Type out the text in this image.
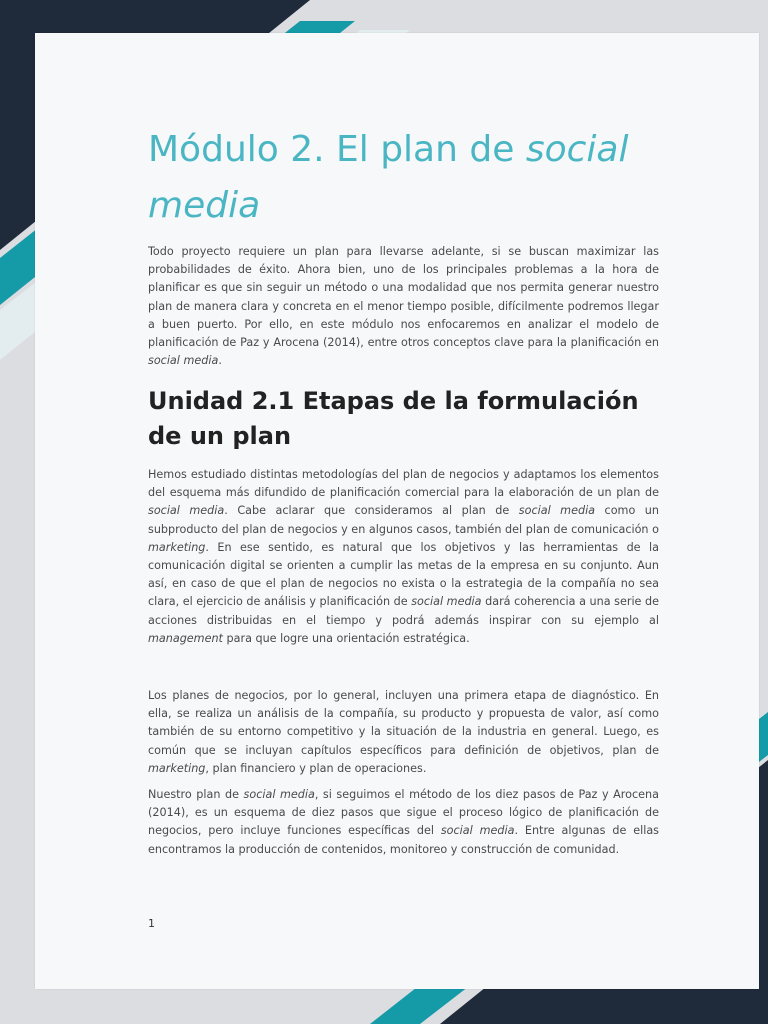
Módulo 2. El plan de social
media

Todo proyecto requiere un plan para llevarse adelante, si se buscan maximizar las probabilidades de éxito. Ahora bien, uno de los principales problemas a la hora de planificar es que sin seguir un método o una modalidad que nos permita generar nuestro plan de manera clara y concreta en el menor tiempo posible, difícilmente podremos llegar a buen puerto. Por ello, en este módulo nos enfocaremos en analizar el modelo de planificación de Paz y Arocena (2014), entre otros conceptos clave para la planificación en social media.

Unidad 2.1 Etapas de la formulación de un plan

Hemos estudiado distintas metodologías del plan de negocios y adaptamos los elementos del esquema más difundido de planificación comercial para la elaboración de un plan de social media. Cabe aclarar que consideramos al plan de social media como un subproducto del plan de negocios y en algunos casos, también del plan de comunicación o marketing. En ese sentido, es natural que los objetivos y las herramientas de la comunicación digital se orienten a cumplir las metas de la empresa en su conjunto. Aun así, en caso de que el plan de negocios no exista o la estrategia de la compañía no sea clara, el ejercicio de análisis y planificación de social media dará coherencia a una serie de acciones distribuidas en el tiempo y podrá además inspirar con su ejemplo al management para que logre una orientación estratégica.

Los planes de negocios, por lo general, incluyen una primera etapa de diagnóstico. En ella, se realiza un análisis de la compañía, su producto y propuesta de valor, así como también de su entorno competitivo y la situación de la industria en general. Luego, es común que se incluyan capítulos específicos para definición de objetivos, plan de marketing, plan financiero y plan de operaciones.

Nuestro plan de social media, si seguimos el método de los diez pasos de Paz y Arocena (2014), es un esquema de diez pasos que sigue el proceso lógico de planificación de negocios, pero incluye funciones específicas del social media. Entre algunas de ellas encontramos la producción de contenidos, monitoreo y construcción de comunidad.

1
